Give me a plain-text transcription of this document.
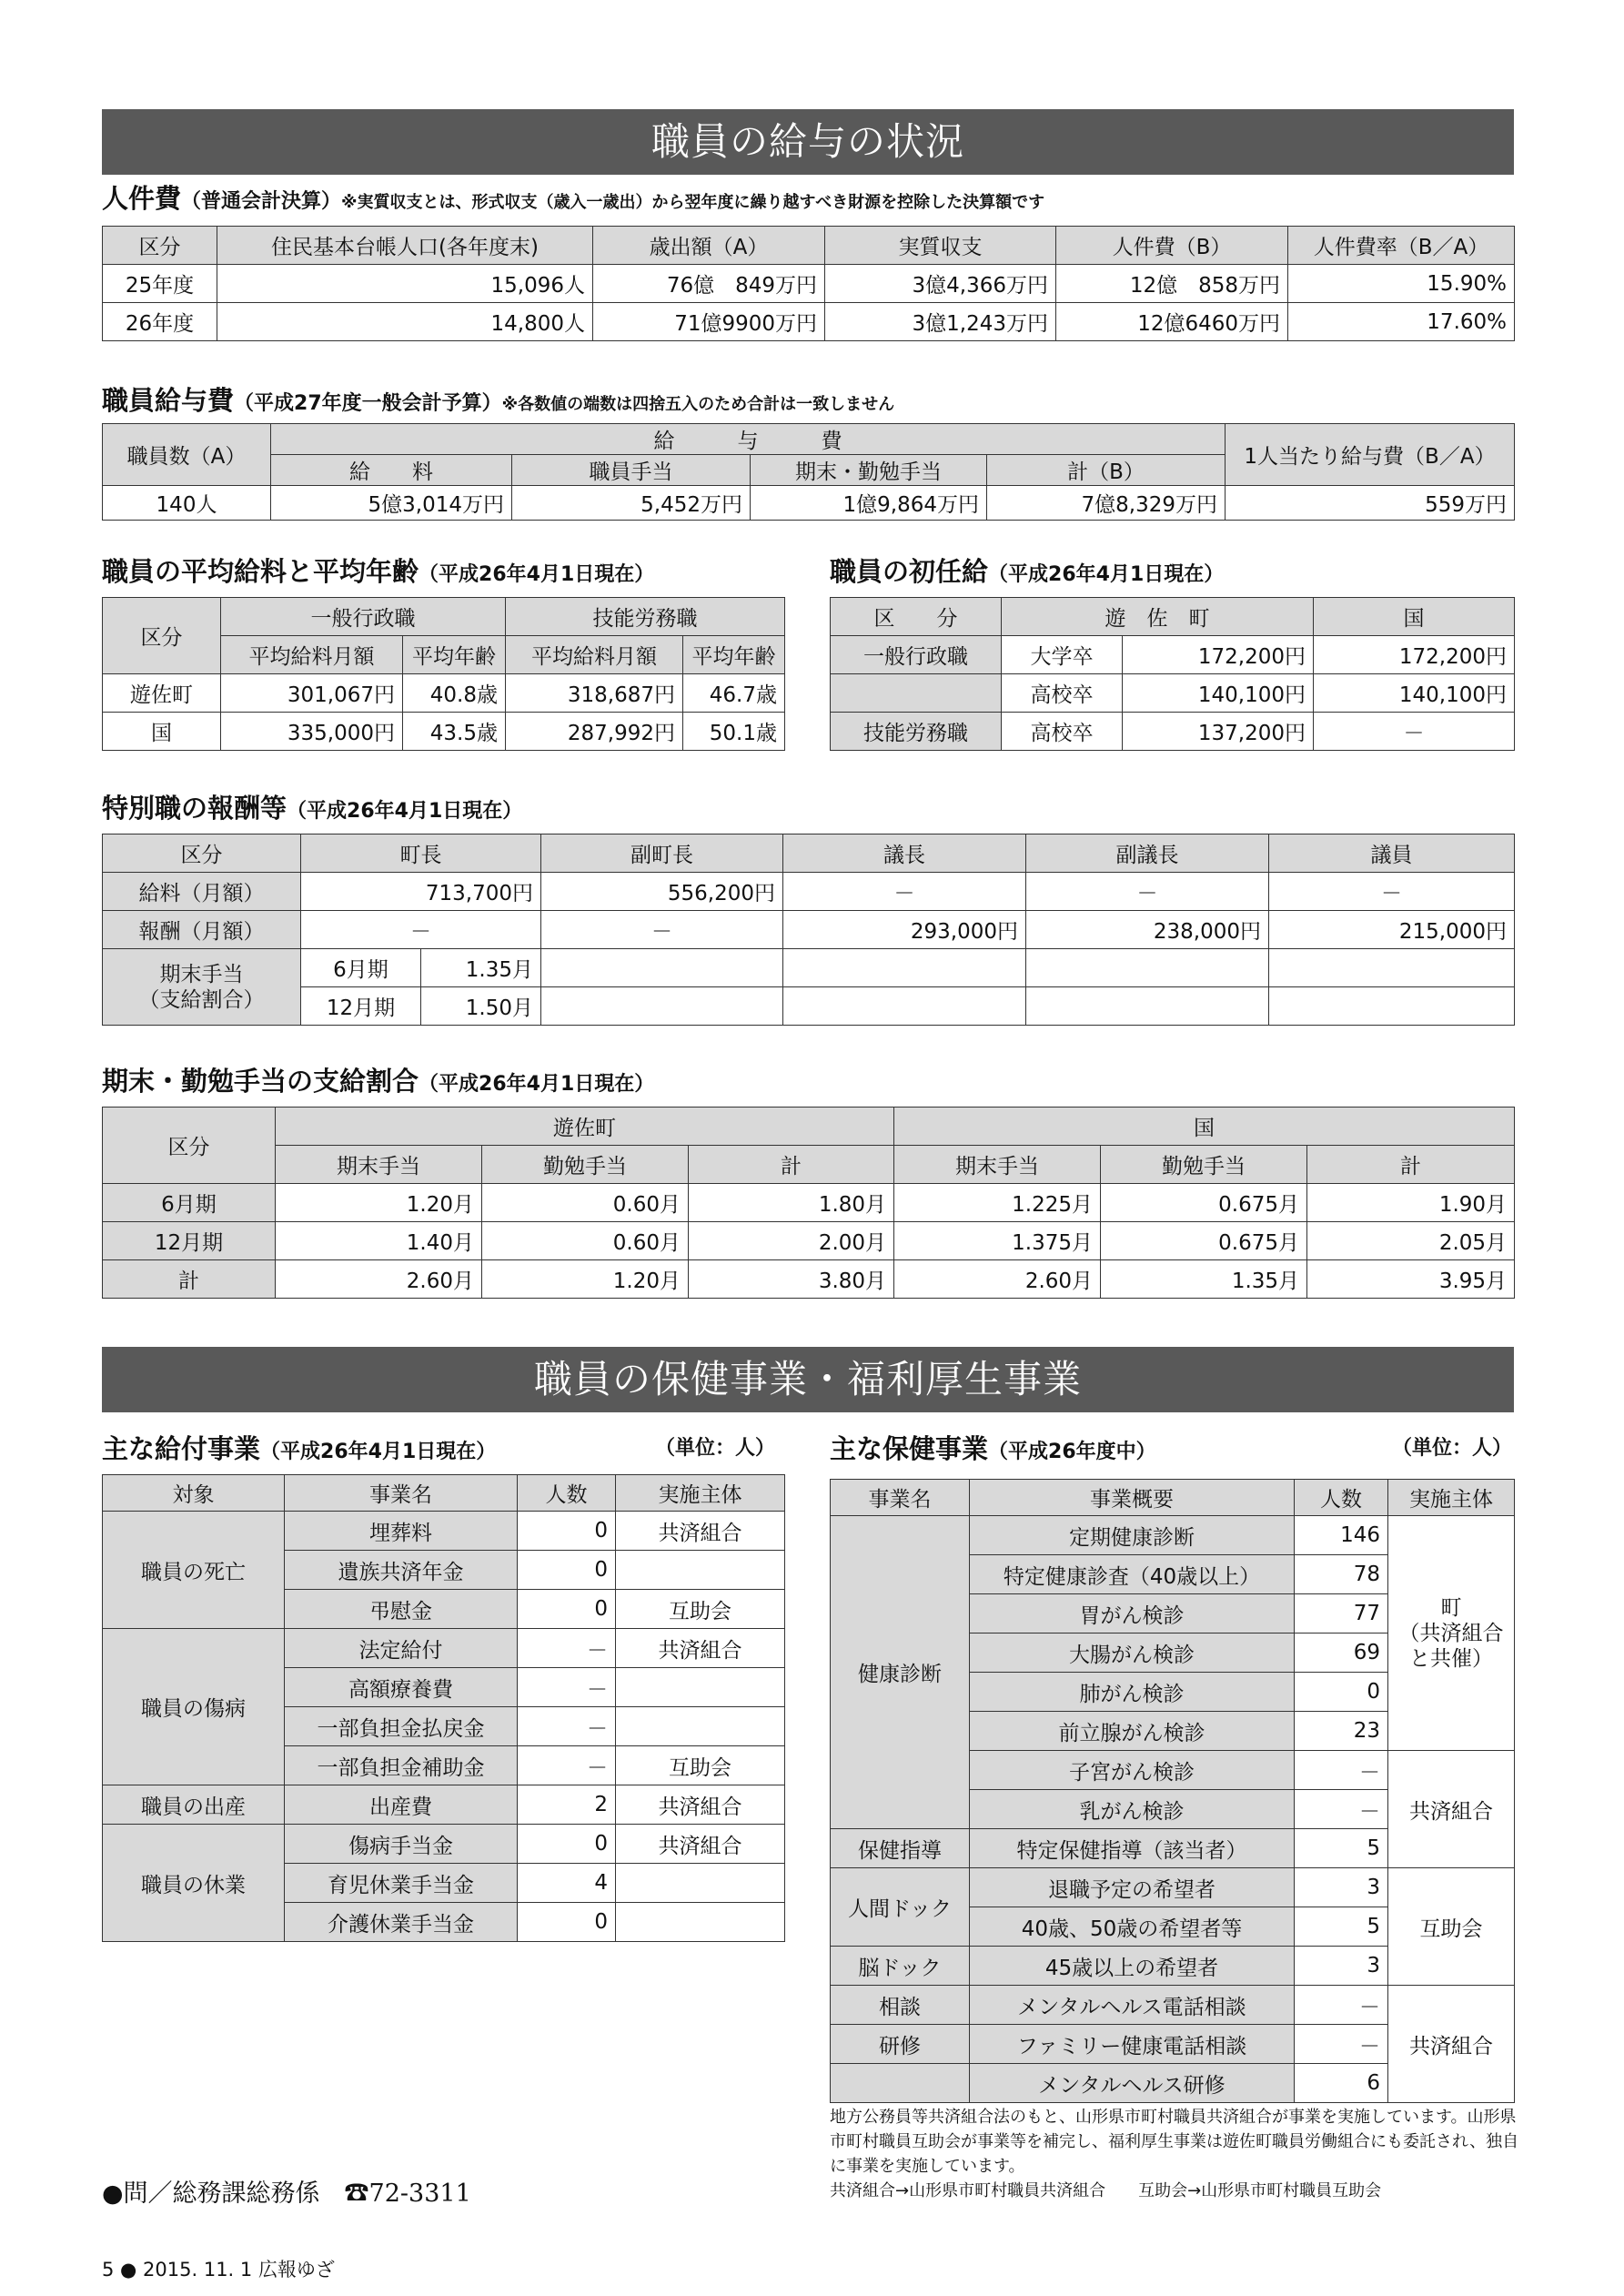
職員の給与の状況
人件費（普通会計決算）※実質収支とは、形式収支（歳入一歳出）から翌年度に繰り越すべき財源を控除した決算額です
区分	住民基本台帳人口(各年度末)	歳出額（A）	実質収支	人件費（B）	人件費率（B／A）
25年度	15,096人	76億　849万円	3億4,366万円	12億　858万円	15.90%
26年度	14,800人	71億9900万円	3億1,243万円	12億6460万円	17.60%
職員給与費（平成27年度一般会計予算）※各数値の端数は四捨五入のため合計は一致しません
職員数（A）	給　　　与　　　費				1人当たり給与費（B／A）
	給　　料	職員手当	期末・勤勉手当	計（B）	
140人	5億3,014万円	5,452万円	1億9,864万円	7億8,329万円	559万円
職員の平均給料と平均年齢（平成26年4月1日現在）
区分	一般行政職		技能労務職	
	平均給料月額	平均年齢	平均給料月額	平均年齢
遊佐町	301,067円	40.8歳	318,687円	46.7歳
国	335,000円	43.5歳	287,992円	50.1歳
職員の初任給（平成26年4月1日現在）
区　　分	遊　佐　町		国
一般行政職	大学卒	172,200円	172,200円
	高校卒	140,100円	140,100円
技能労務職	高校卒	137,200円	－
特別職の報酬等（平成26年4月1日現在）
区分	町長		副町長	議長	副議長	議員
給料（月額）	713,700円		556,200円	－	－	－
報酬（月額）	－		－	293,000円	238,000円	215,000円
期末手当
（支給割合）	6月期	1.35月				
	12月期	1.50月				
期末・勤勉手当の支給割合（平成26年4月1日現在）
区分	遊佐町			国		
	期末手当	勤勉手当	計	期末手当	勤勉手当	計
6月期	1.20月	0.60月	1.80月	1.225月	0.675月	1.90月
12月期	1.40月	0.60月	2.00月	1.375月	0.675月	2.05月
計	2.60月	1.20月	3.80月	2.60月	1.35月	3.95月
職員の保健事業・福利厚生事業
主な給付事業（平成26年4月1日現在）	（単位：人）
対象	事業名	人数	実施主体
職員の死亡	埋葬料	0	共済組合
	遺族共済年金	0	
	弔慰金	0	互助会
職員の傷病	法定給付	－	共済組合
	高額療養費	－	
	一部負担金払戻金	－	
	一部負担金補助金	－	互助会
職員の出産	出産費	2	共済組合
職員の休業	傷病手当金	0	共済組合
	育児休業手当金	4	
	介護休業手当金	0	
主な保健事業（平成26年度中）	（単位：人）
事業名	事業概要	人数	実施主体
健康診断	定期健康診断	146	町
（共済組合
と共催）
	特定健康診査（40歳以上）	78	
	胃がん検診	77	
	大腸がん検診	69	
	肺がん検診	0	
	前立腺がん検診	23	
	子宮がん検診	－	共済組合
	乳がん検診	－	
保健指導	特定保健指導（該当者）	5	
人間ドック	退職予定の希望者	3	互助会
	40歳、50歳の希望者等	5	
脳ドック	45歳以上の希望者	3	
相談	メンタルヘルス電話相談	－	共済組合
研修	ファミリー健康電話相談	－	
	メンタルヘルス研修	6	
地方公務員等共済組合法のもと、山形県市町村職員共済組合が事業を実施しています。山形県市町村職員互助会が事業等を補完し、福利厚生事業は遊佐町職員労働組合にも委託され、独自に事業を実施しています。
共済組合→山形県市町村職員共済組合　　互助会→山形県市町村職員互助会
●問／総務課総務係　☎72-3311
5 ● 2015. 11. 1 広報ゆざ
